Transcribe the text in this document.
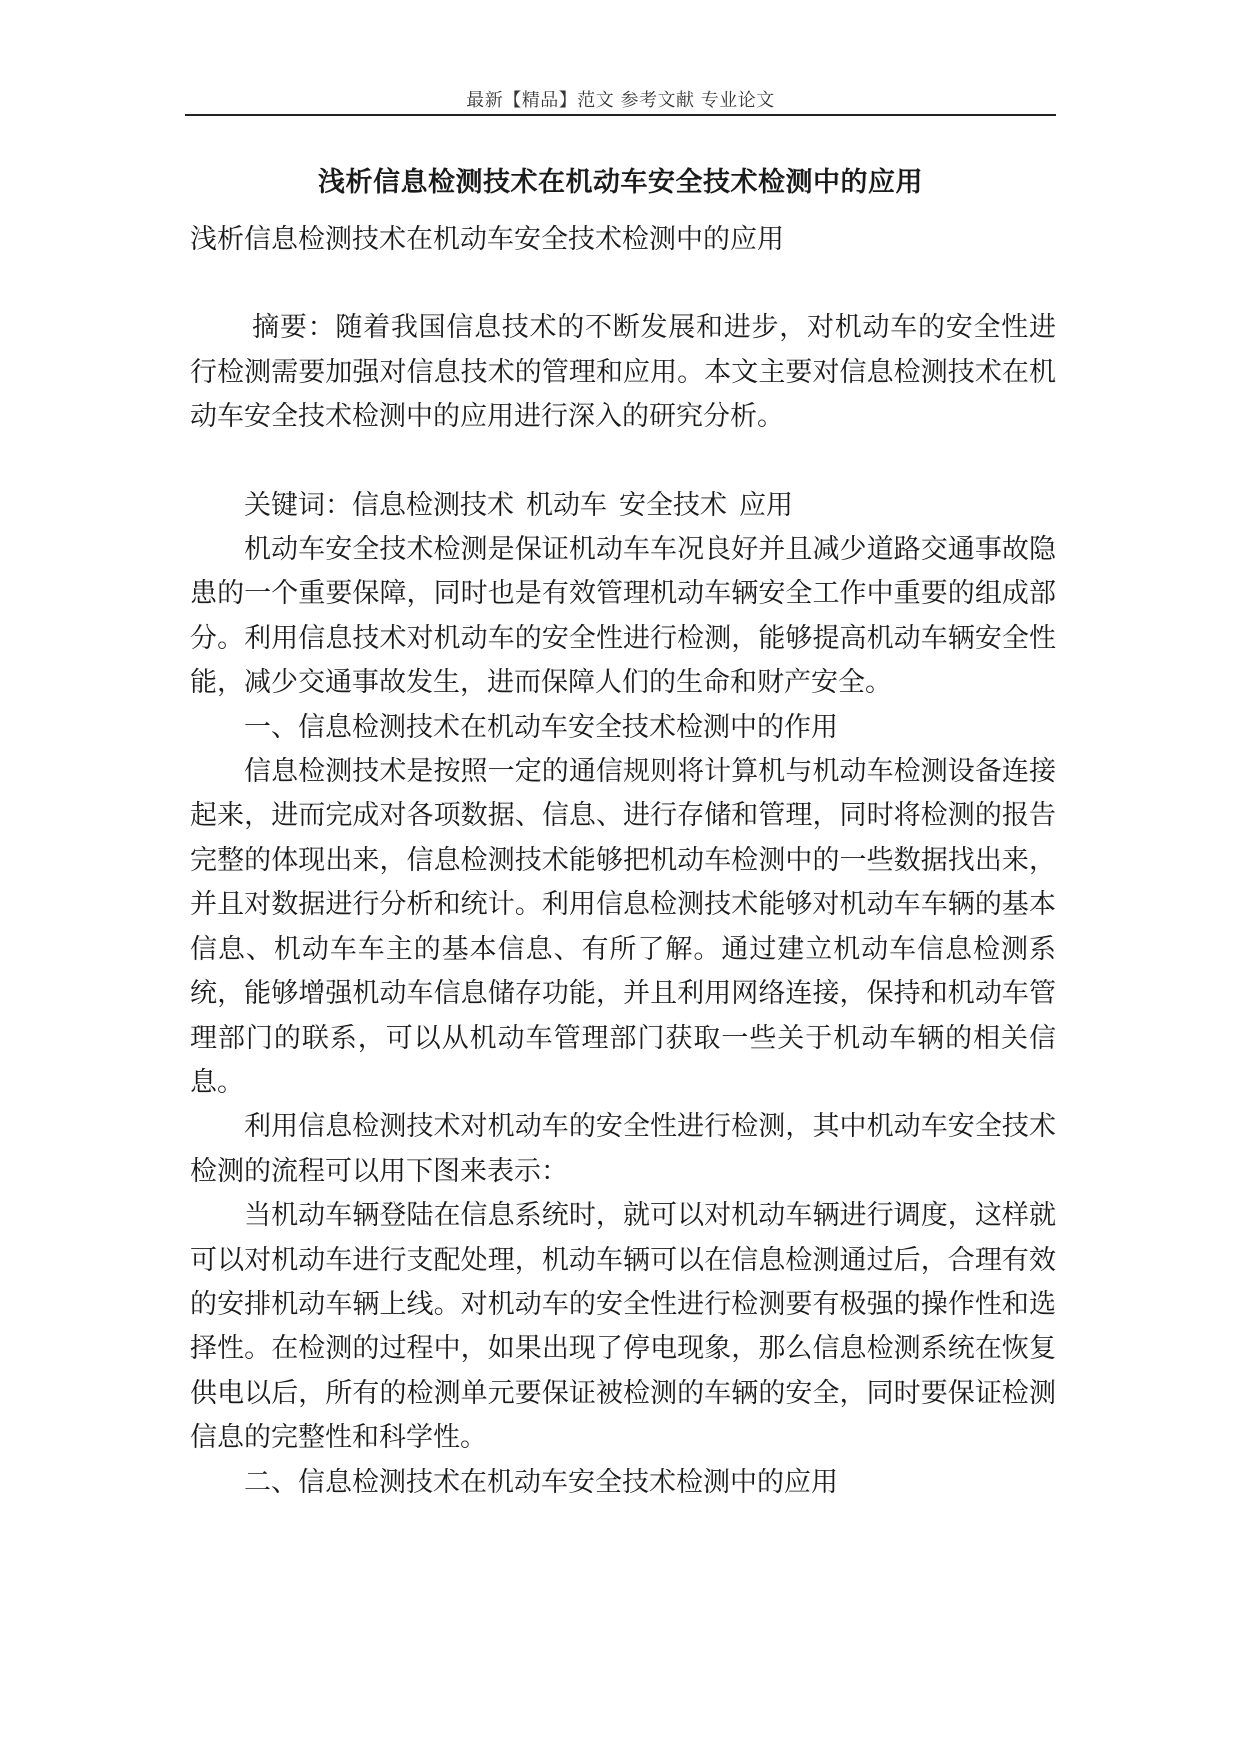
最新【精品】范文 参考文献 专业论文
浅析信息检测技术在机动车安全技术检测中的应用

浅析信息检测技术在机动车安全技术检测中的应用

摘要：随着我国信息技术的不断发展和进步，对机动车的安全性进行检测需要加强对信息技术的管理和应用。本文主要对信息检测技术在机动车安全技术检测中的应用进行深入的研究分析。

关键词：信息检测技术 机动车 安全技术 应用

机动车安全技术检测是保证机动车车况良好并且减少道路交通事故隐患的一个重要保障，同时也是有效管理机动车辆安全工作中重要的组成部分。利用信息技术对机动车的安全性进行检测，能够提高机动车辆安全性能，减少交通事故发生，进而保障人们的生命和财产安全。

一、信息检测技术在机动车安全技术检测中的作用

信息检测技术是按照一定的通信规则将计算机与机动车检测设备连接起来，进而完成对各项数据、信息、进行存储和管理，同时将检测的报告完整的体现出来，信息检测技术能够把机动车检测中的一些数据找出来，并且对数据进行分析和统计。利用信息检测技术能够对机动车车辆的基本信息、机动车车主的基本信息、有所了解。通过建立机动车信息检测系统，能够增强机动车信息储存功能，并且利用网络连接，保持和机动车管理部门的联系，可以从机动车管理部门获取一些关于机动车辆的相关信息。

利用信息检测技术对机动车的安全性进行检测，其中机动车安全技术检测的流程可以用下图来表示：

当机动车辆登陆在信息系统时，就可以对机动车辆进行调度，这样就可以对机动车进行支配处理，机动车辆可以在信息检测通过后，合理有效的安排机动车辆上线。对机动车的安全性进行检测要有极强的操作性和选择性。在检测的过程中，如果出现了停电现象，那么信息检测系统在恢复供电以后，所有的检测单元要保证被检测的车辆的安全，同时要保证检测信息的完整性和科学性。

二、信息检测技术在机动车安全技术检测中的应用
